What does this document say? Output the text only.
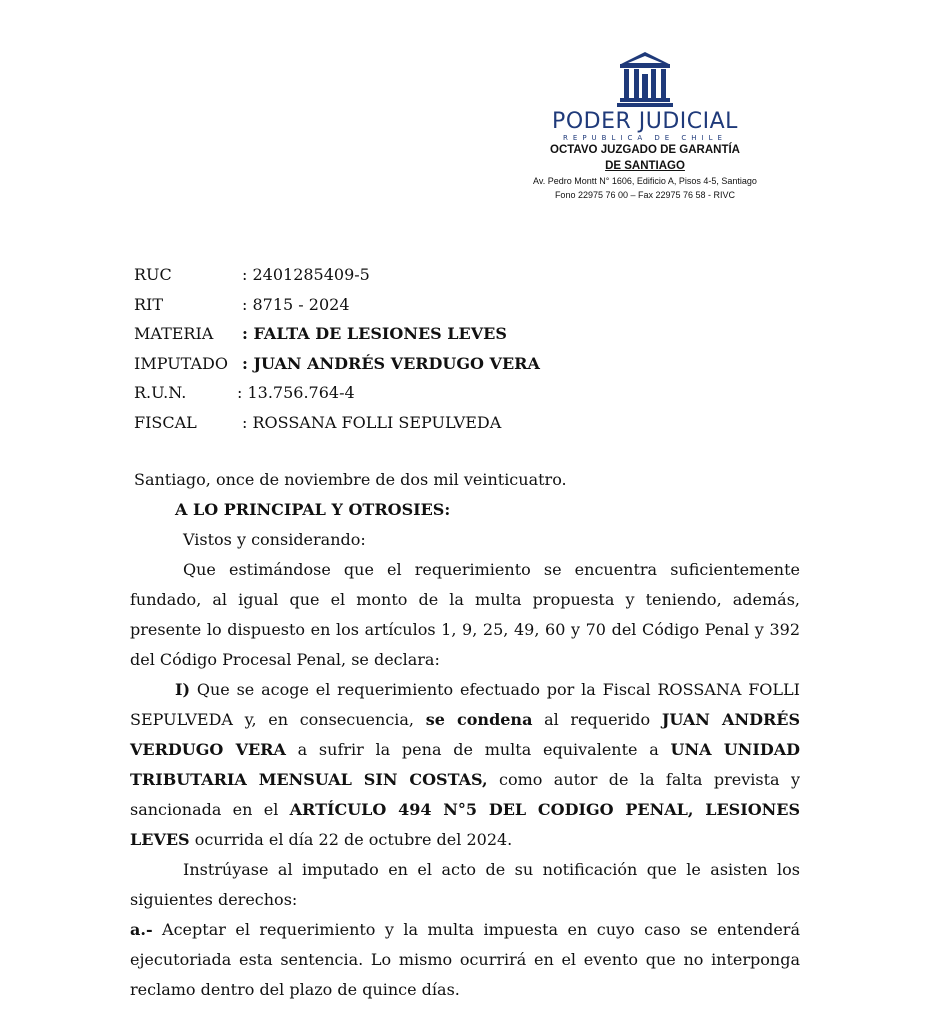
PODER JUDICIAL
REPUBLICA DE CHILE
OCTAVO JUZGADO DE GARANTÍA
DE SANTIAGO
Av. Pedro Montt N° 1606, Edificio A, Pisos 4-5, Santiago
Fono 22975 76 00 – Fax 22975 76 58 - RIVC
RUC	: 2401285409-5
RIT	: 8715 - 2024
MATERIA : FALTA DE LESIONES LEVES
IMPUTADO : JUAN ANDRÉS VERDUGO VERA
R.U.N.	: 13.756.764-4
FISCAL	: ROSSANA FOLLI SEPULVEDA

Santiago, once de noviembre de dos mil veinticuatro.

A LO PRINCIPAL Y OTROSIES:

Vistos y considerando:

Que estimándose que el requerimiento se encuentra suficientemente fundado, al igual que el monto de la multa propuesta y teniendo, además, presente lo dispuesto en los artículos 1, 9, 25, 49, 60 y 70 del Código Penal y 392 del Código Procesal Penal, se declara:

I) Que se acoge el requerimiento efectuado por la Fiscal ROSSANA FOLLI SEPULVEDA y, en consecuencia, se condena al requerido JUAN ANDRÉS VERDUGO VERA a sufrir la pena de multa equivalente a UNA UNIDAD TRIBUTARIA MENSUAL SIN COSTAS, como autor de la falta prevista y sancionada en el ARTÍCULO 494 N°5 DEL CODIGO PENAL, LESIONES LEVES ocurrida el día 22 de octubre del 2024.

Instrúyase al imputado en el acto de su notificación que le asisten los siguientes derechos:

a.- Aceptar el requerimiento y la multa impuesta en cuyo caso se entenderá ejecutoriada esta sentencia. Lo mismo ocurrirá en el evento que no interponga reclamo dentro del plazo de quince días.
